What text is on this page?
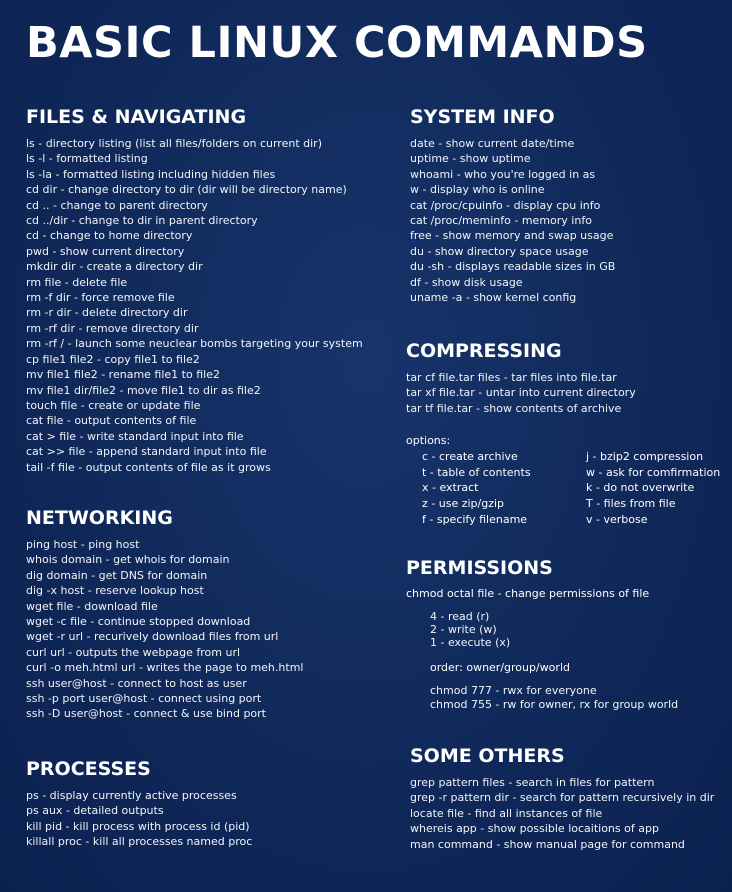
BASIC LINUX COMMANDS
FILES & NAVIGATING
ls - directory listing (list all files/folders on current dir)
ls -l - formatted listing
ls -la - formatted listing including hidden files
cd dir - change directory to dir (dir will be directory name)
cd .. - change to parent directory
cd ../dir - change to dir in parent directory
cd - change to home directory
pwd - show current directory
mkdir dir - create a directory dir
rm file - delete file
rm -f dir - force remove file
rm -r dir - delete directory dir
rm -rf dir - remove directory dir
rm -rf / - launch some neuclear bombs targeting your system
cp file1 file2 - copy file1 to file2
mv file1 file2 - rename file1 to file2
mv file1 dir/file2 - move file1 to dir as file2
touch file - create or update file
cat file - output contents of file
cat > file - write standard input into file
cat >> file - append standard input into file
tail -f file - output contents of file as it grows
NETWORKING
ping host - ping host
whois domain - get whois for domain
dig domain - get DNS for domain
dig -x host - reserve lookup host
wget file - download file
wget -c file - continue stopped download
wget -r url - recurively download files from url
curl url - outputs the webpage from url
curl -o meh.html url - writes the page to meh.html
ssh user@host - connect to host as user
ssh -p port user@host - connect using port
ssh -D user@host - connect & use bind port
PROCESSES
ps - display currently active processes
ps aux - detailed outputs
kill pid - kill process with process id (pid)
killall proc - kill all processes named proc
SYSTEM INFO
date - show current date/time
uptime - show uptime
whoami - who you're logged in as
w - display who is online
cat /proc/cpuinfo - display cpu info
cat /proc/meminfo - memory info
free - show memory and swap usage
du - show directory space usage
du -sh - displays readable sizes in GB
df - show disk usage
uname -a - show kernel config
COMPRESSING
tar cf file.tar files - tar files into file.tar
tar xf file.tar - untar into current directory
tar tf file.tar - show contents of archive
options:
c - create archive
t - table of contents
x - extract
z - use zip/gzip
f - specify filename
j - bzip2 compression
w - ask for comfirmation
k - do not overwrite
T - files from file
v - verbose
PERMISSIONS
chmod octal file - change permissions of file
4 - read (r)
2 - write (w)
1 - execute (x)
order: owner/group/world
chmod 777 - rwx for everyone
chmod 755 - rw for owner, rx for group world
SOME OTHERS
grep pattern files - search in files for pattern
grep -r pattern dir - search for pattern recursively in dir
locate file - find all instances of file
whereis app - show possible locaitions of app
man command - show manual page for command
